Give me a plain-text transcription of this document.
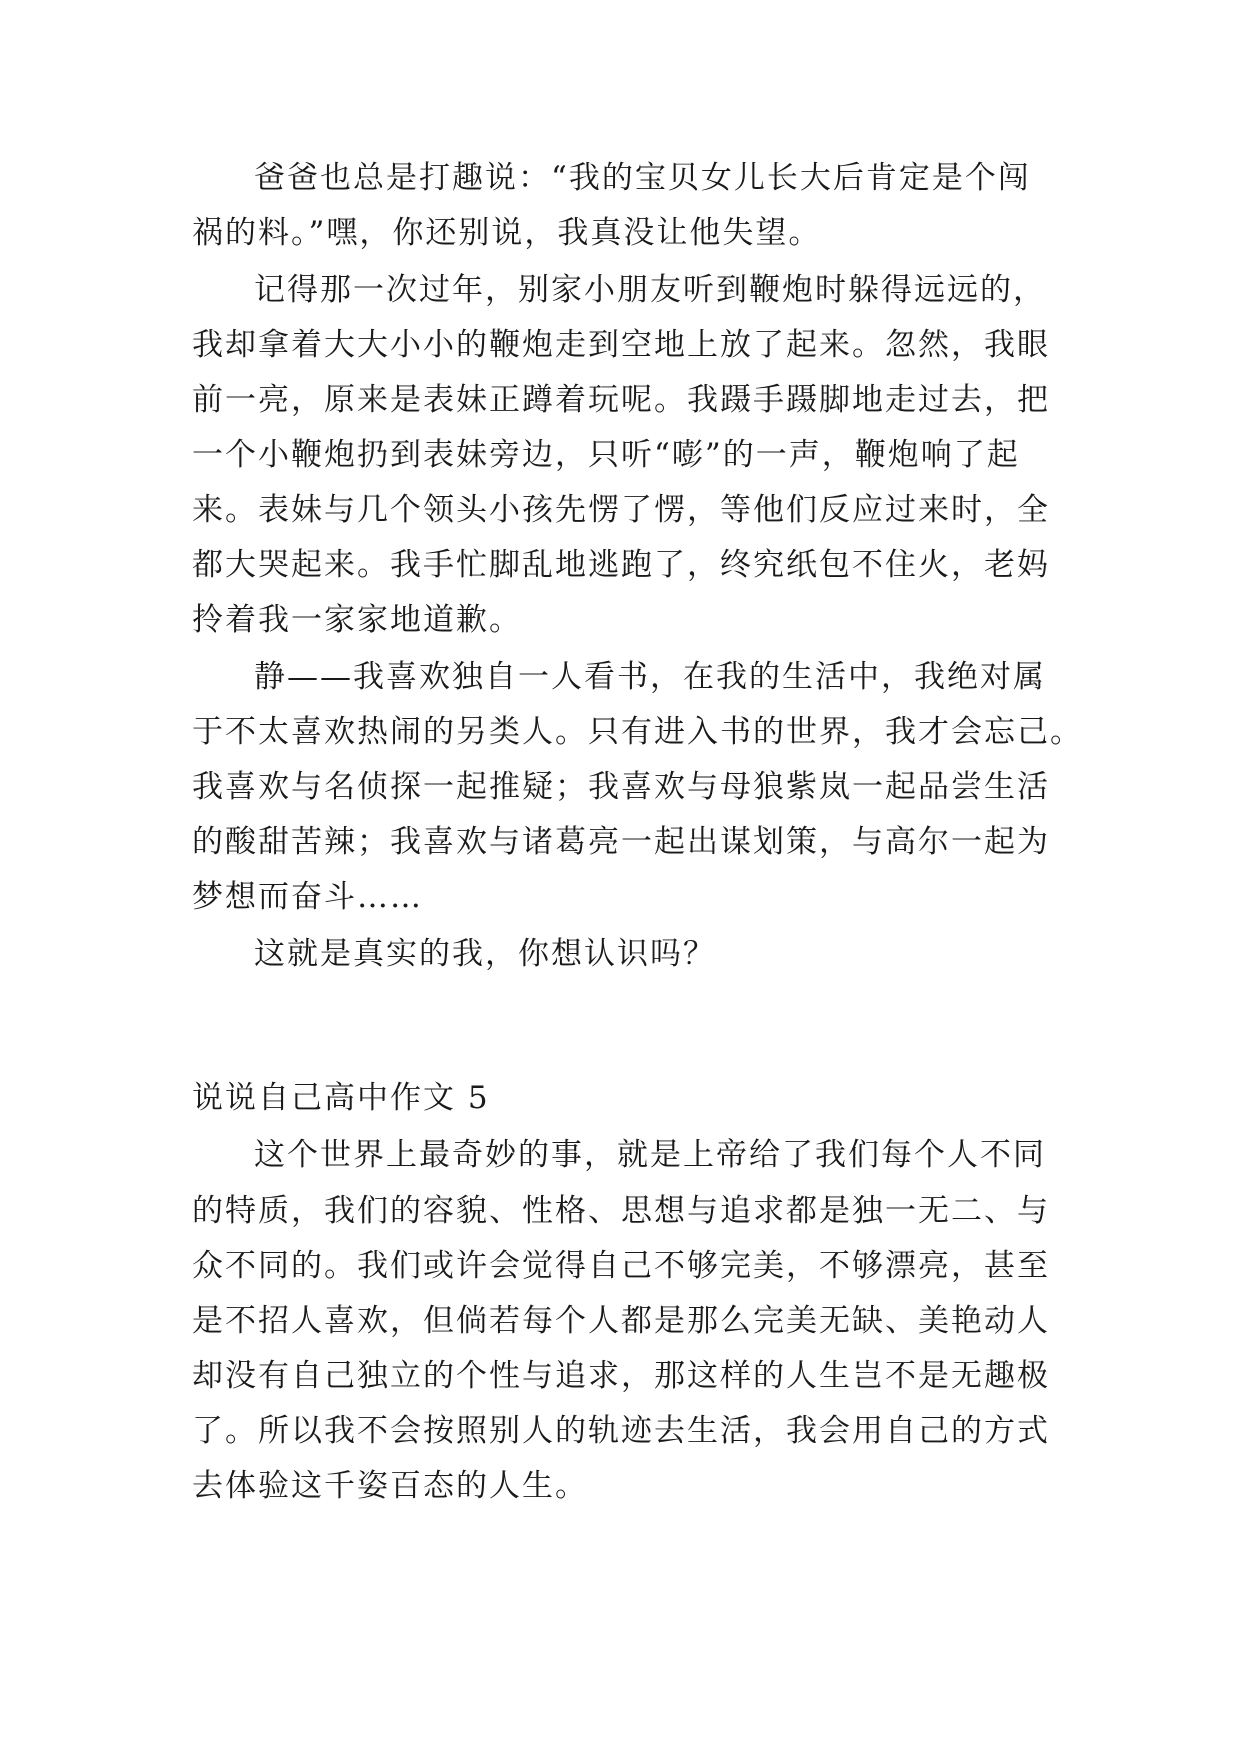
爸爸也总是打趣说：“我的宝贝女儿长大后肯定是个闯
祸的料。”嘿，你还别说，我真没让他失望。
记得那一次过年，别家小朋友听到鞭炮时躲得远远的，
我却拿着大大小小的鞭炮走到空地上放了起来。忽然，我眼
前一亮，原来是表妹正蹲着玩呢。我蹑手蹑脚地走过去，把
一个小鞭炮扔到表妹旁边，只听“嘭”的一声，鞭炮响了起
来。表妹与几个领头小孩先愣了愣，等他们反应过来时，全
都大哭起来。我手忙脚乱地逃跑了，终究纸包不住火，老妈
拎着我一家家地道歉。
静——我喜欢独自一人看书，在我的生活中，我绝对属
于不太喜欢热闹的另类人。只有进入书的世界，我才会忘己。
我喜欢与名侦探一起推疑；我喜欢与母狼紫岚一起品尝生活
的酸甜苦辣；我喜欢与诸葛亮一起出谋划策，与高尔一起为
梦想而奋斗……
这就是真实的我，你想认识吗？
说说自己高中作文 5
这个世界上最奇妙的事，就是上帝给了我们每个人不同
的特质，我们的容貌、性格、思想与追求都是独一无二、与
众不同的。我们或许会觉得自己不够完美，不够漂亮，甚至
是不招人喜欢，但倘若每个人都是那么完美无缺、美艳动人
却没有自己独立的个性与追求，那这样的人生岂不是无趣极
了。所以我不会按照别人的轨迹去生活，我会用自己的方式
去体验这千姿百态的人生。
